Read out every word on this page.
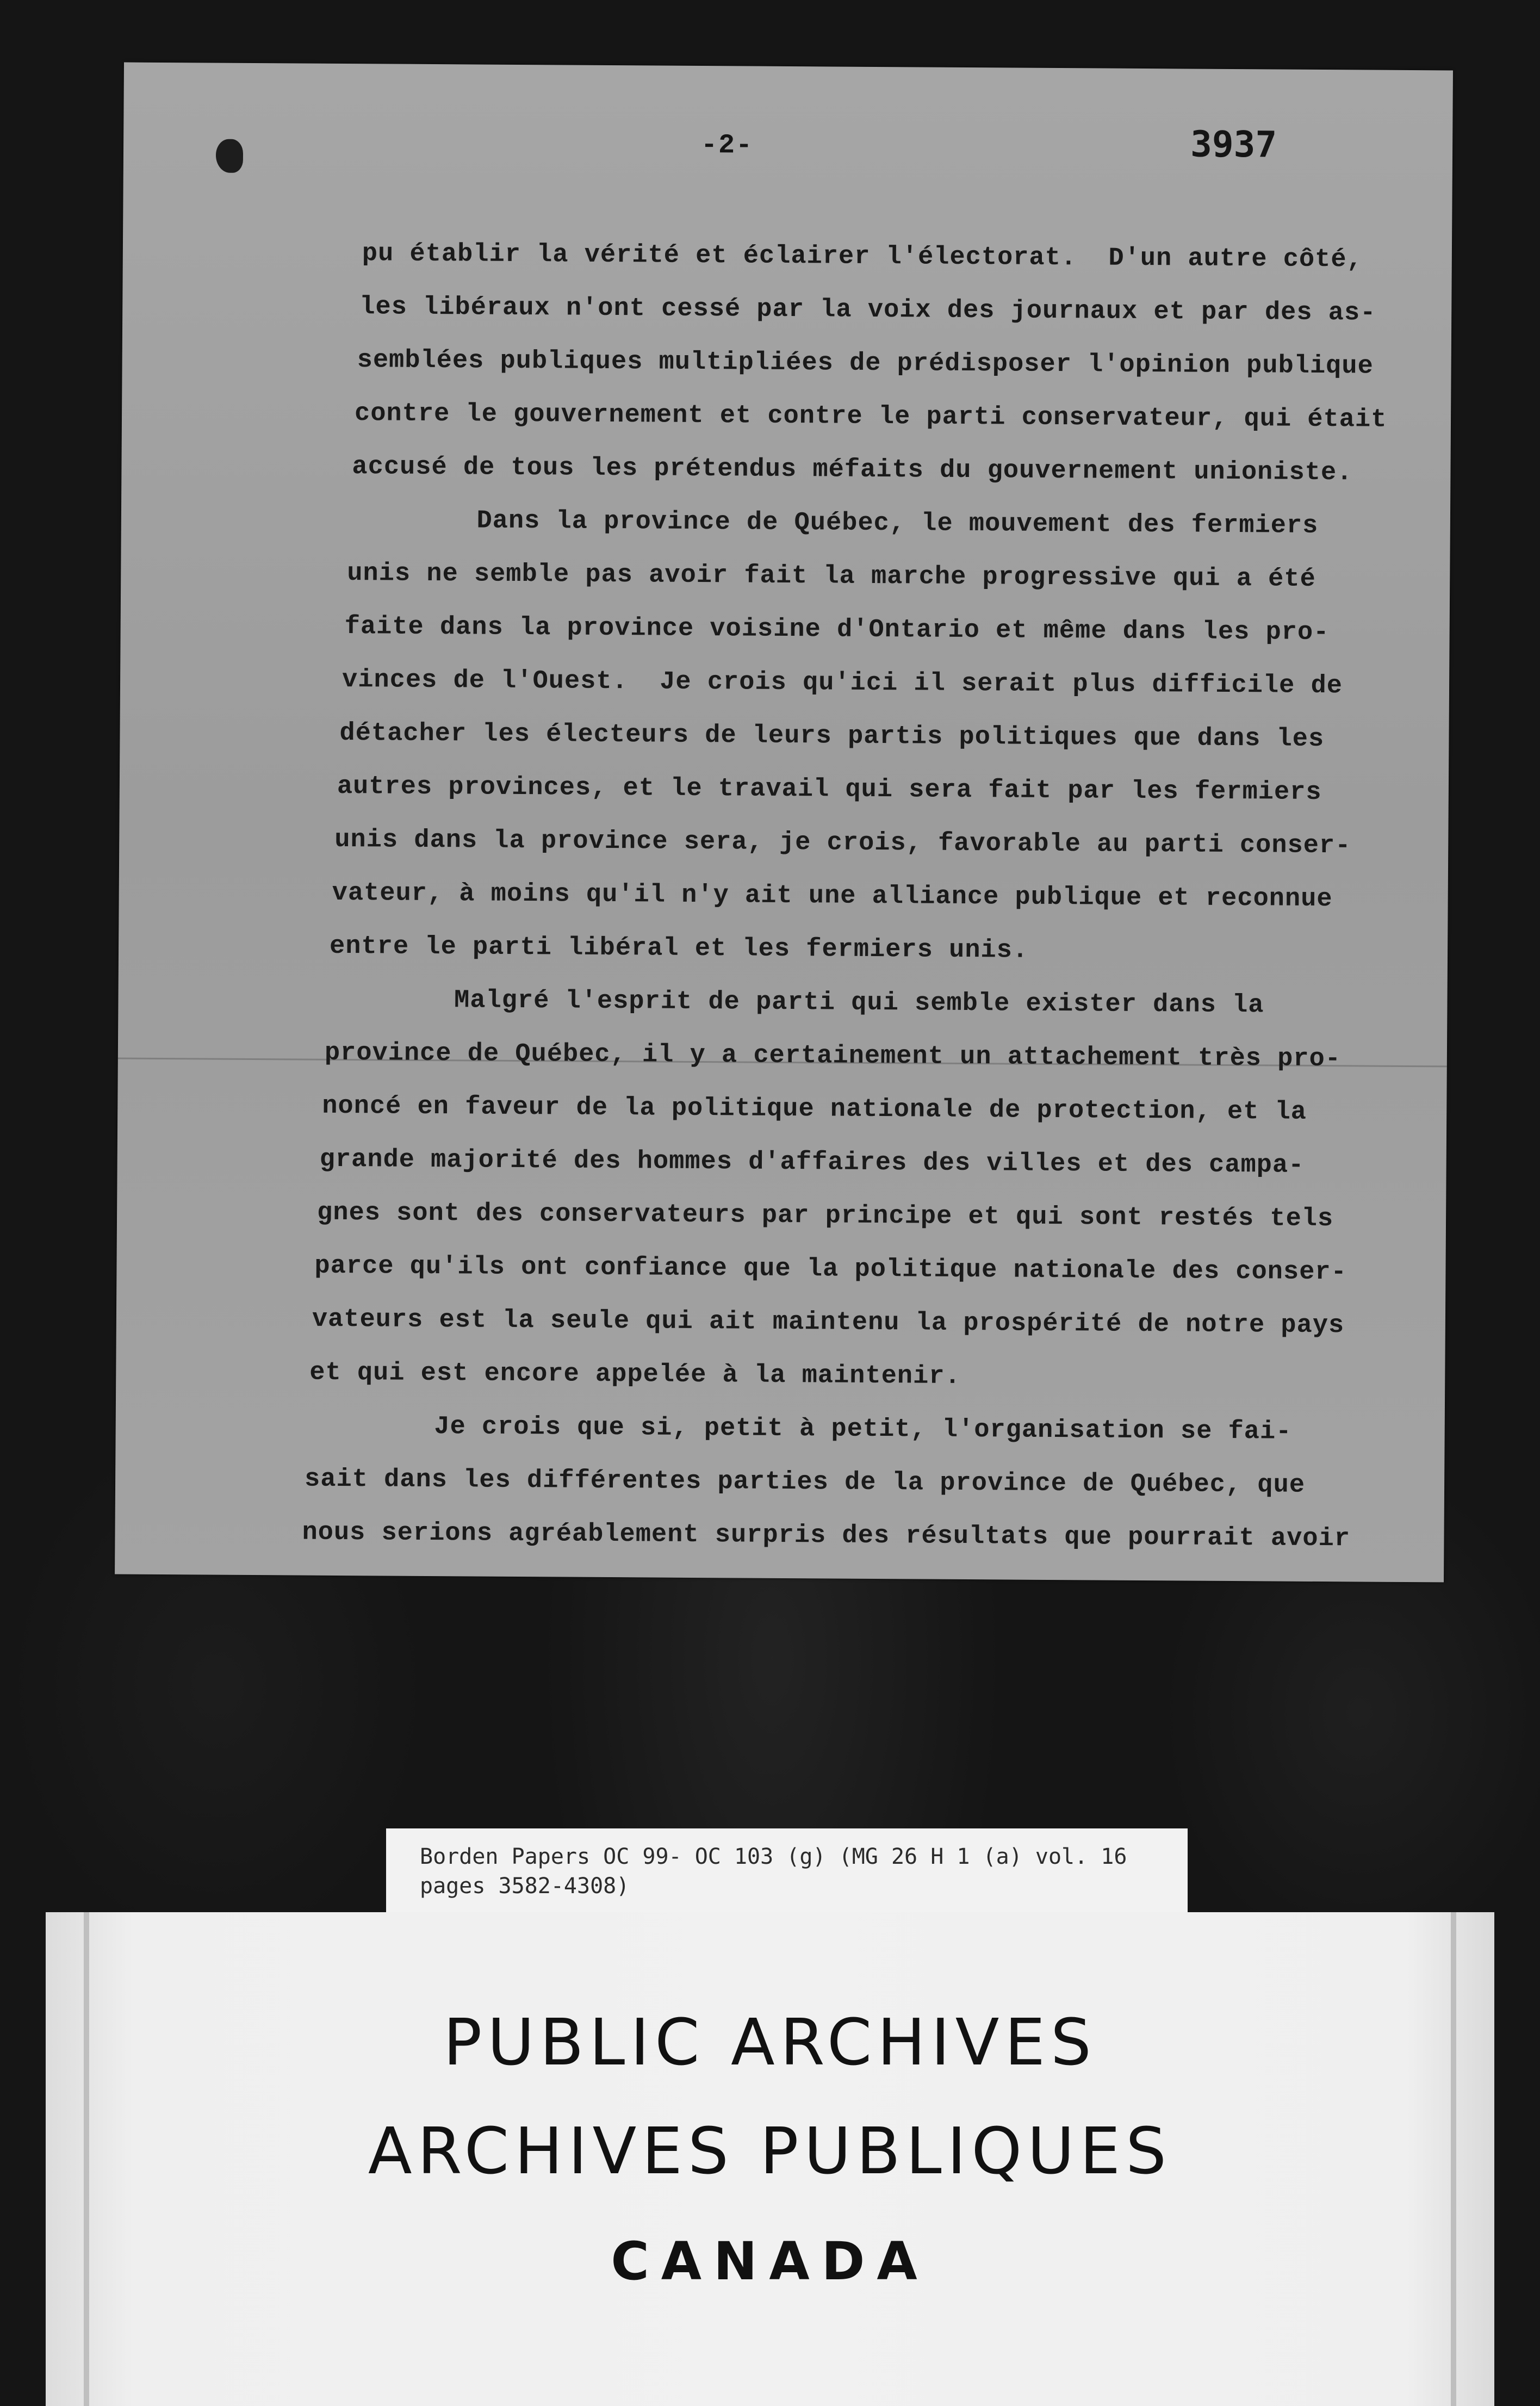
-2-	3937
pu établir la vérité et éclairer l'électorat.  D'un autre côté,
les libéraux n'ont cessé par la voix des journaux et par des as-
semblées publiques multipliées de prédisposer l'opinion publique
contre le gouvernement et contre le parti conservateur, qui était
accusé de tous les prétendus méfaits du gouvernement unioniste.
Dans la province de Québec, le mouvement des fermiers
unis ne semble pas avoir fait la marche progressive qui a été
faite dans la province voisine d'Ontario et même dans les pro-
vinces de l'Ouest.  Je crois qu'ici il serait plus difficile de
détacher les électeurs de leurs partis politiques que dans les
autres provinces, et le travail qui sera fait par les fermiers
unis dans la province sera, je crois, favorable au parti conser-
vateur, à moins qu'il n'y ait une alliance publique et reconnue
entre le parti libéral et les fermiers unis.
Malgré l'esprit de parti qui semble exister dans la
province de Québec, il y a certainement un attachement très pro-
noncé en faveur de la politique nationale de protection, et la
grande majorité des hommes d'affaires des villes et des campa-
gnes sont des conservateurs par principe et qui sont restés tels
parce qu'ils ont confiance que la politique nationale des conser-
vateurs est la seule qui ait maintenu la prospérité de notre pays
et qui est encore appelée à la maintenir.
Je crois que si, petit à petit, l'organisation se fai-
sait dans les différentes parties de la province de Québec, que
nous serions agréablement surpris des résultats que pourrait avoir
Borden Papers OC 99- OC 103 (g) (MG 26 H 1 (a) vol. 16
pages 3582-4308)
PUBLIC ARCHIVES
ARCHIVES PUBLIQUES
CANADA
